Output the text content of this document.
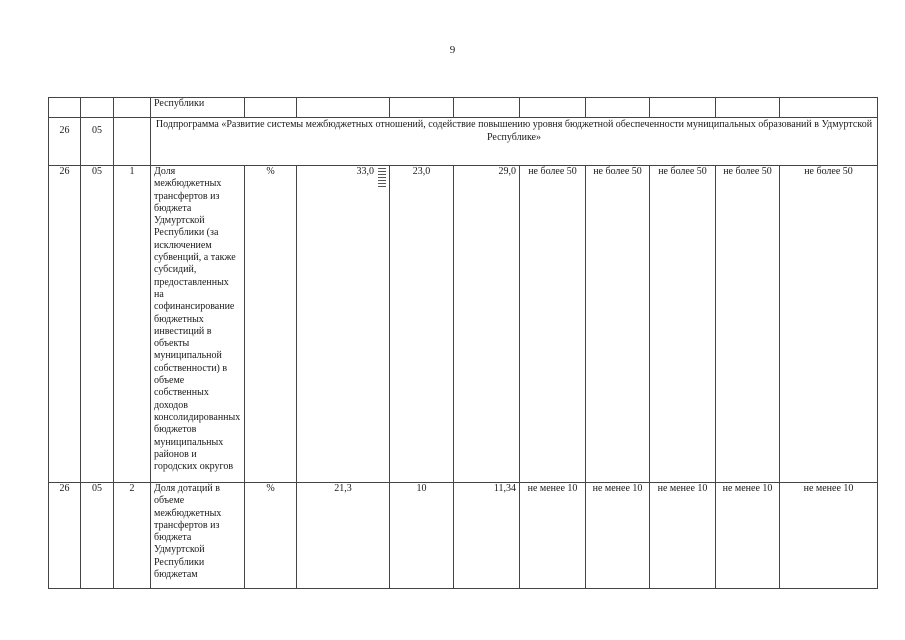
9
			Республики									
26	05		Подпрограмма «Развитие системы межбюджетных отношений, содействие повышению уровня бюджетной обеспеченности муниципальных образований в Удмуртской Республике»									
26	05	1	Доля межбюджетных трансфертов из бюджета Удмуртской Республики (за исключением субвенций, а также субсидий, предоставленных на софинансирование бюджетных инвестиций в объекты муниципальной собственности) в объеме собственных доходов консолидированных бюджетов муниципальных районов и городских округов	%	33,0	23,0	29,0	не более 50	не более 50	не более 50	не более 50	не более 50
26	05	2	Доля дотаций в объеме межбюджетных трансфертов из бюджета Удмуртской Республики бюджетам	%	21,3	10	11,34	не менее 10	не менее 10	не менее 10	не менее 10	не менее 10
